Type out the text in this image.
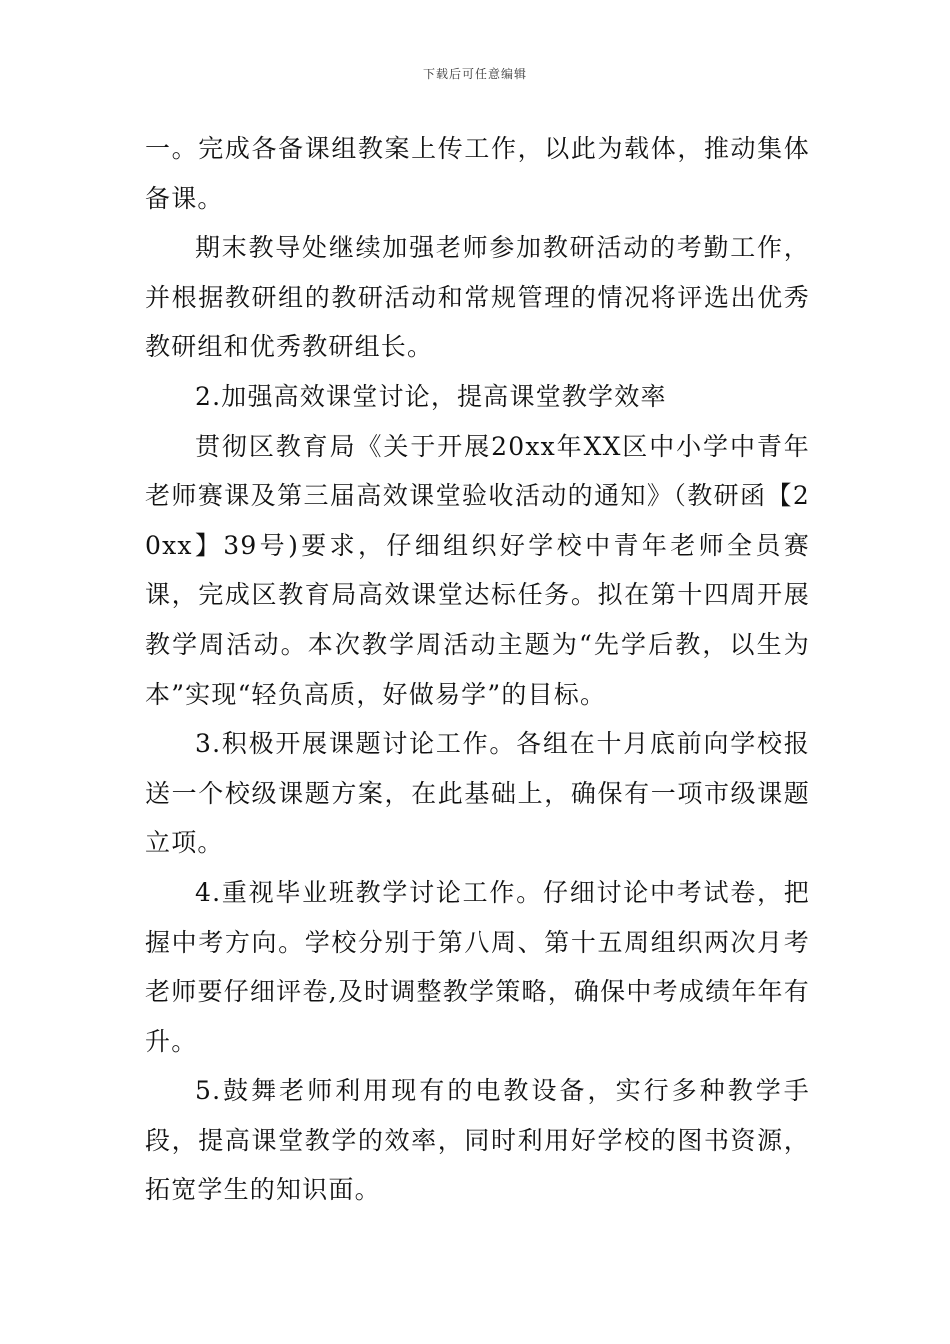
下载后可任意编辑

一。完成各备课组教案上传工作，以此为载体，推动集体备课。

期末教导处继续加强老师参加教研活动的考勤工作，并根据教研组的教研活动和常规管理的情况将评选出优秀教研组和优秀教研组长。

2.加强高效课堂讨论，提高课堂教学效率

贯彻区教育局《关于开展20xx年XX区中小学中青年老师赛课及第三届高效课堂验收活动的通知》（教研函【20xx】39号)要求，仔细组织好学校中青年老师全员赛课，完成区教育局高效课堂达标任务。拟在第十四周开展教学周活动。本次教学周活动主题为“先学后教，以生为本”实现“轻负高质，好做易学”的目标。

3.积极开展课题讨论工作。各组在十月底前向学校报送一个校级课题方案，在此基础上，确保有一项市级课题立项。

4.重视毕业班教学讨论工作。仔细讨论中考试卷，把握中考方向。学校分别于第八周、第十五周组织两次月考老师要仔细评卷,及时调整教学策略，确保中考成绩年年有升。

5.鼓舞老师利用现有的电教设备，实行多种教学手段，提高课堂教学的效率，同时利用好学校的图书资源，拓宽学生的知识面。
